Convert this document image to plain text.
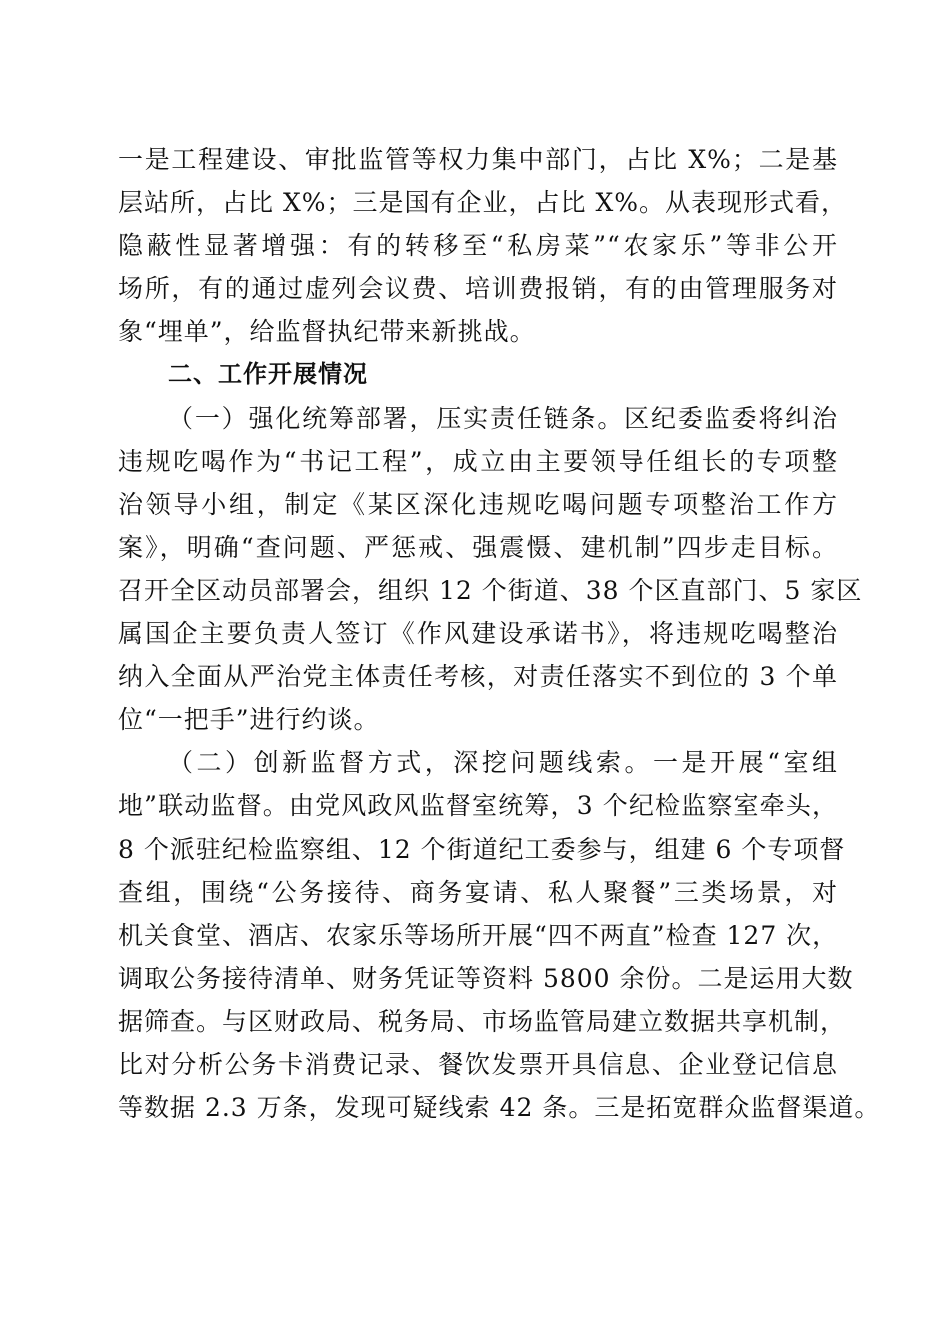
一是工程建设、审批监管等权力集中部门，占比 X%；二是基
层站所，占比 X%；三是国有企业，占比 X%。从表现形式看，
隐蔽性显著增强：有的转移至“私房菜”“农家乐”等非公开
场所，有的通过虚列会议费、培训费报销，有的由管理服务对
象“埋单”，给监督执纪带来新挑战。
二、工作开展情况
（一）强化统筹部署，压实责任链条。区纪委监委将纠治
违规吃喝作为“书记工程”，成立由主要领导任组长的专项整
治领导小组，制定《某区深化违规吃喝问题专项整治工作方
案》，明确“查问题、严惩戒、强震慑、建机制”四步走目标。
召开全区动员部署会，组织 12 个街道、38 个区直部门、5 家区
属国企主要负责人签订《作风建设承诺书》，将违规吃喝整治
纳入全面从严治党主体责任考核，对责任落实不到位的 3 个单
位“一把手”进行约谈。
（二）创新监督方式，深挖问题线索。一是开展“室组
地”联动监督。由党风政风监督室统筹，3 个纪检监察室牵头，
8 个派驻纪检监察组、12 个街道纪工委参与，组建 6 个专项督
查组，围绕“公务接待、商务宴请、私人聚餐”三类场景，对
机关食堂、酒店、农家乐等场所开展“四不两直”检查 127 次，
调取公务接待清单、财务凭证等资料 5800 余份。二是运用大数
据筛查。与区财政局、税务局、市场监管局建立数据共享机制，
比对分析公务卡消费记录、餐饮发票开具信息、企业登记信息
等数据 2.3 万条，发现可疑线索 42 条。三是拓宽群众监督渠道。
